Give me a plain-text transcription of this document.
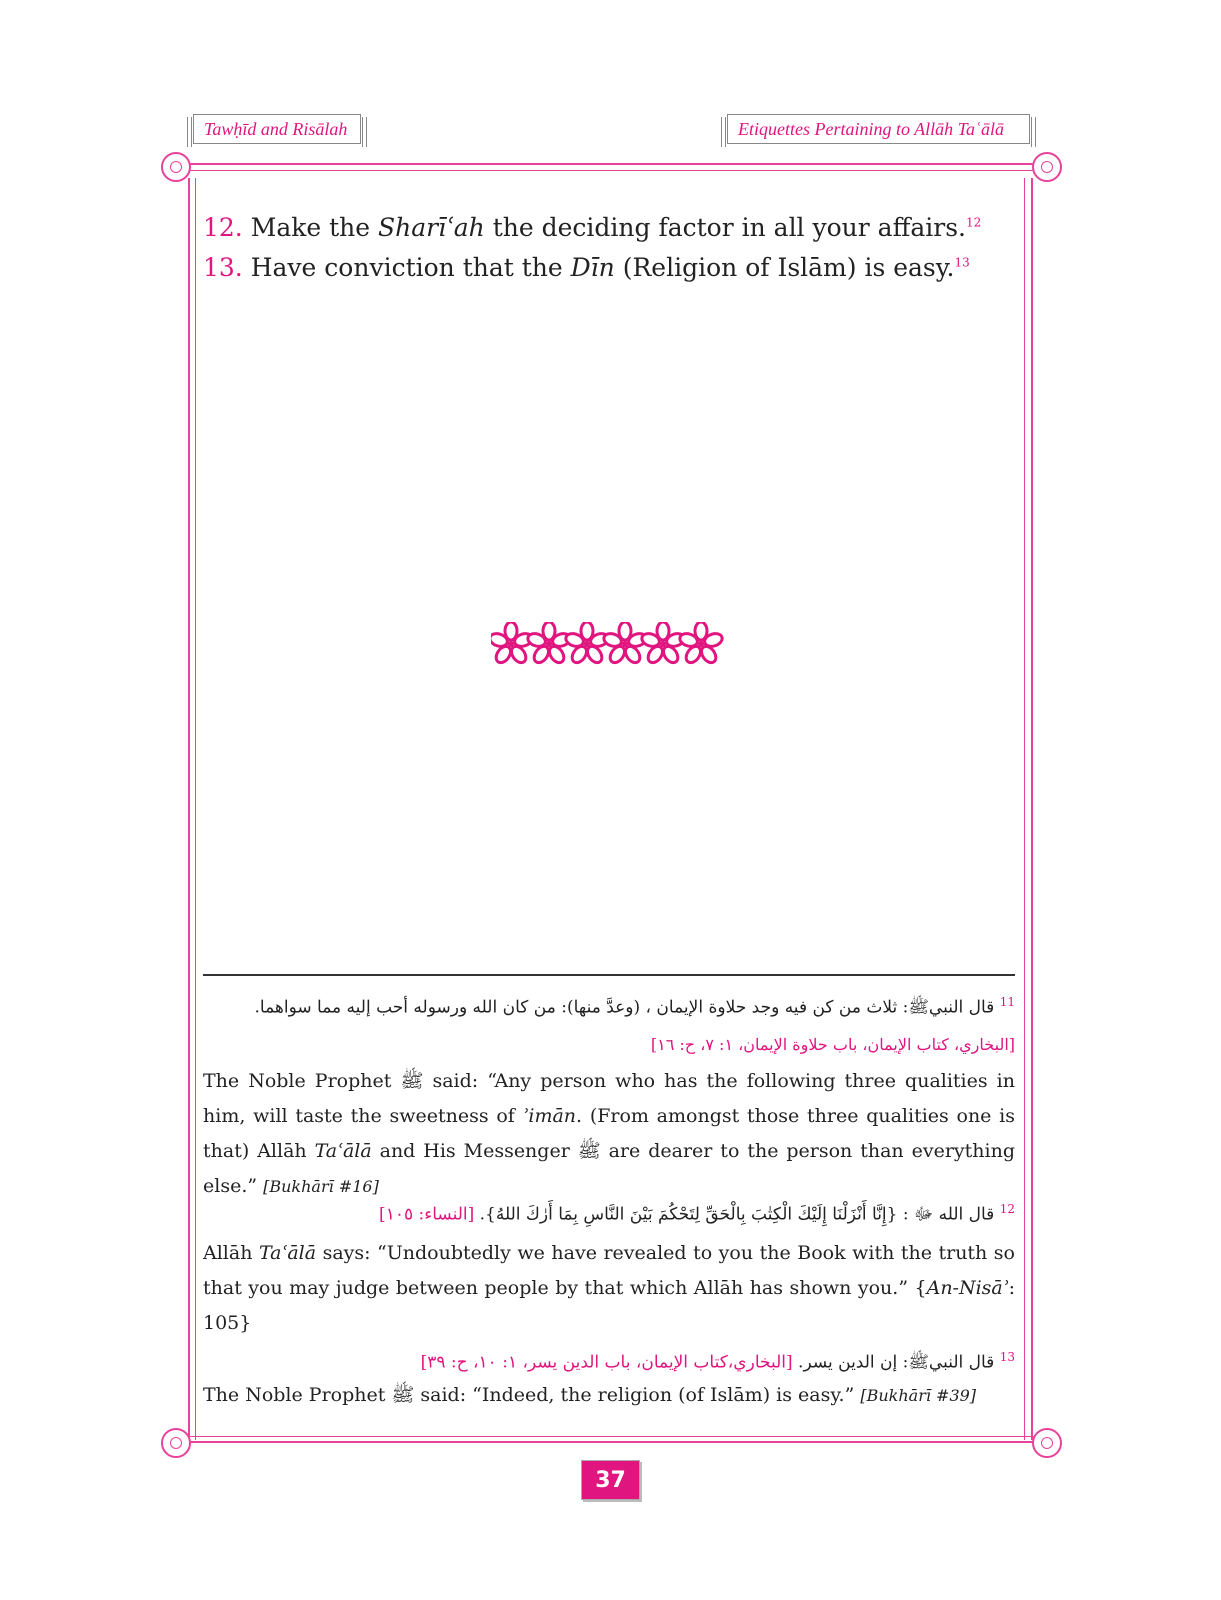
Tawḥīd and Risālah	Etiquettes Pertaining to Allāh Taʿālā
12. Make the Sharīʿah the deciding factor in all your affairs.$^{12}$
13. Have conviction that the Dīn (Religion of Islām) is easy.$^{13}$
$^{11}$ قال النبيﷺ: ثلاث من كن فيه وجد حلاوة الإيمان ، (وعدَّ منها): من كان الله ورسوله أحب إليه مما سواهما.
[البخاري، كتاب الإيمان، باب حلاوة الإيمان، ١: ٧، ح: ١٦]
The Noble Prophet ﷺ said: “Any person who has the following three qualities in him, will taste the sweetness of ʾimān. (From amongst those three qualities one is that) Allāh Taʿālā and His Messenger ﷺ are dearer to the person than everything else.” [Bukhārī #16]
$^{12}$ قال الله ﷻ : {إِنَّا أَنْزَلْنَا إِلَيْكَ الْكِتٰبَ بِالْحَقِّ لِتَحْكُمَ بَيْنَ النَّاسِ بِمَا أَرٰكَ اللهُ}. [النساء: ١٠٥]
Allāh Taʿālā says: “Undoubtedly we have revealed to you the Book with the truth so that you may judge between people by that which Allāh has shown you.” {An-Nisāʾ: 105}
$^{13}$ قال النبيﷺ: إن الدين يسر. [البخاري،كتاب الإيمان، باب الدين يسر، ١: ١٠، ح: ٣٩]
The Noble Prophet ﷺ said: “Indeed, the religion (of Islām) is easy.” [Bukhārī #39]
37
